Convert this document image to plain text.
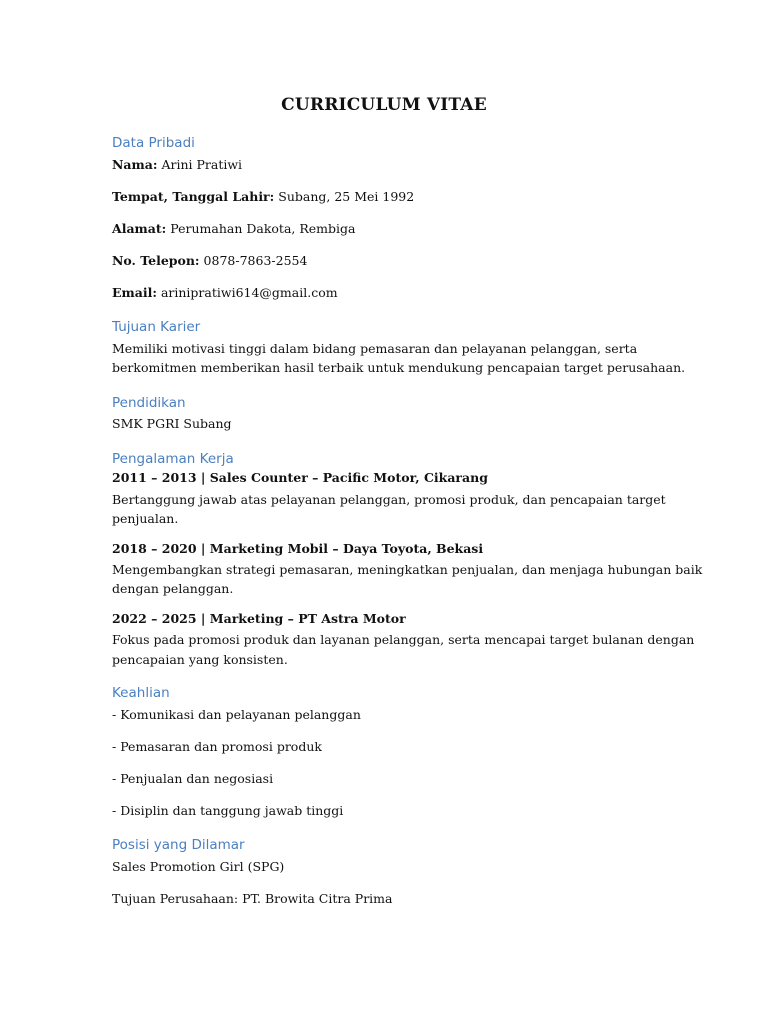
CURRICULUM VITAE
Data Pribadi
Nama: Arini Pratiwi
Tempat, Tanggal Lahir: Subang, 25 Mei 1992
Alamat: Perumahan Dakota, Rembiga
No. Telepon: 0878-7863-2554
Email: arinipratiwi614@gmail.com
Tujuan Karier
Memiliki motivasi tinggi dalam bidang pemasaran dan pelayanan pelanggan, serta
berkomitmen memberikan hasil terbaik untuk mendukung pencapaian target perusahaan.
Pendidikan
SMK PGRI Subang
Pengalaman Kerja
2011 – 2013 | Sales Counter – Pacific Motor, Cikarang
Bertanggung jawab atas pelayanan pelanggan, promosi produk, dan pencapaian target
penjualan.
2018 – 2020 | Marketing Mobil – Daya Toyota, Bekasi
Mengembangkan strategi pemasaran, meningkatkan penjualan, dan menjaga hubungan baik
dengan pelanggan.
2022 – 2025 | Marketing – PT Astra Motor
Fokus pada promosi produk dan layanan pelanggan, serta mencapai target bulanan dengan
pencapaian yang konsisten.
Keahlian
- Komunikasi dan pelayanan pelanggan
- Pemasaran dan promosi produk
- Penjualan dan negosiasi
- Disiplin dan tanggung jawab tinggi
Posisi yang Dilamar
Sales Promotion Girl (SPG)
Tujuan Perusahaan: PT. Browita Citra Prima
